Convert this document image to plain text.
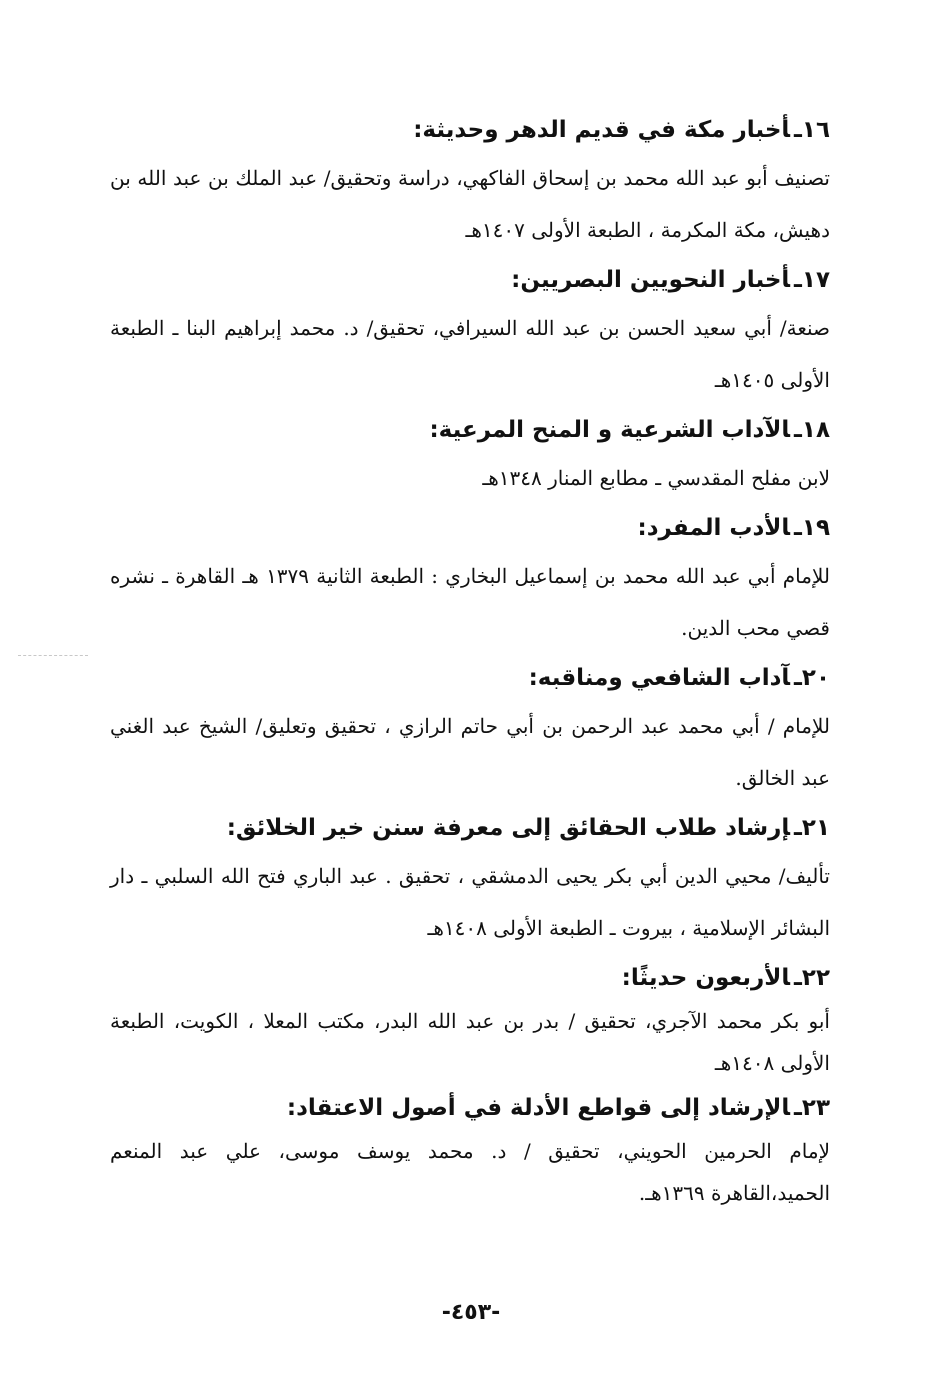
١٦ـأخبار مكة في قديم الدهر وحديثة:

تصنيف أبو عبد الله محمد بن إسحاق الفاكهي، دراسة وتحقيق/ عبد الملك بن عبد الله بن دهيش، مكة المكرمة ، الطبعة الأولى ١٤٠٧هـ

١٧ـأخبار النحويين البصريين:

صنعة/ أبي سعيد الحسن بن عبد الله السيرافي، تحقيق/ د. محمد إبراهيم البنا ـ الطبعة الأولى ١٤٠٥هـ

١٨ـالآداب الشرعية و المنح المرعية:

لابن مفلح المقدسي ـ مطابع المنار ١٣٤٨هـ

١٩ـالأدب المفرد:

للإمام أبي عبد الله محمد بن إسماعيل البخاري : الطبعة الثانية ١٣٧٩ هـ القاهرة ـ نشره قصي محب الدين.

٢٠ـآداب الشافعي ومناقبه:

للإمام / أبي محمد عبد الرحمن بن أبي حاتم الرازي ، تحقيق وتعليق/ الشيخ عبد الغني عبد الخالق.

٢١ـإرشاد طلاب الحقائق إلى معرفة سنن خير الخلائق:

تأليف/ محيي الدين أبي بكر يحيى الدمشقي ، تحقيق . عبد الباري فتح الله السلبي ـ دار البشائر الإسلامية ، بيروت ـ الطبعة الأولى ١٤٠٨هـ

٢٢ـالأربعون حديثًا:

أبو بكر محمد الآجري، تحقيق / بدر بن عبد الله البدر، مكتب المعلا ، الكويت، الطبعة الأولى ١٤٠٨هـ

٢٣ـالإرشاد إلى قواطع الأدلة في أصول الاعتقاد:

لإمام الحرمين الحويني، تحقيق / د. محمد يوسف موسى، علي عبد المنعم الحميد،القاهرة ١٣٦٩هـ.

-٤٥٣-
